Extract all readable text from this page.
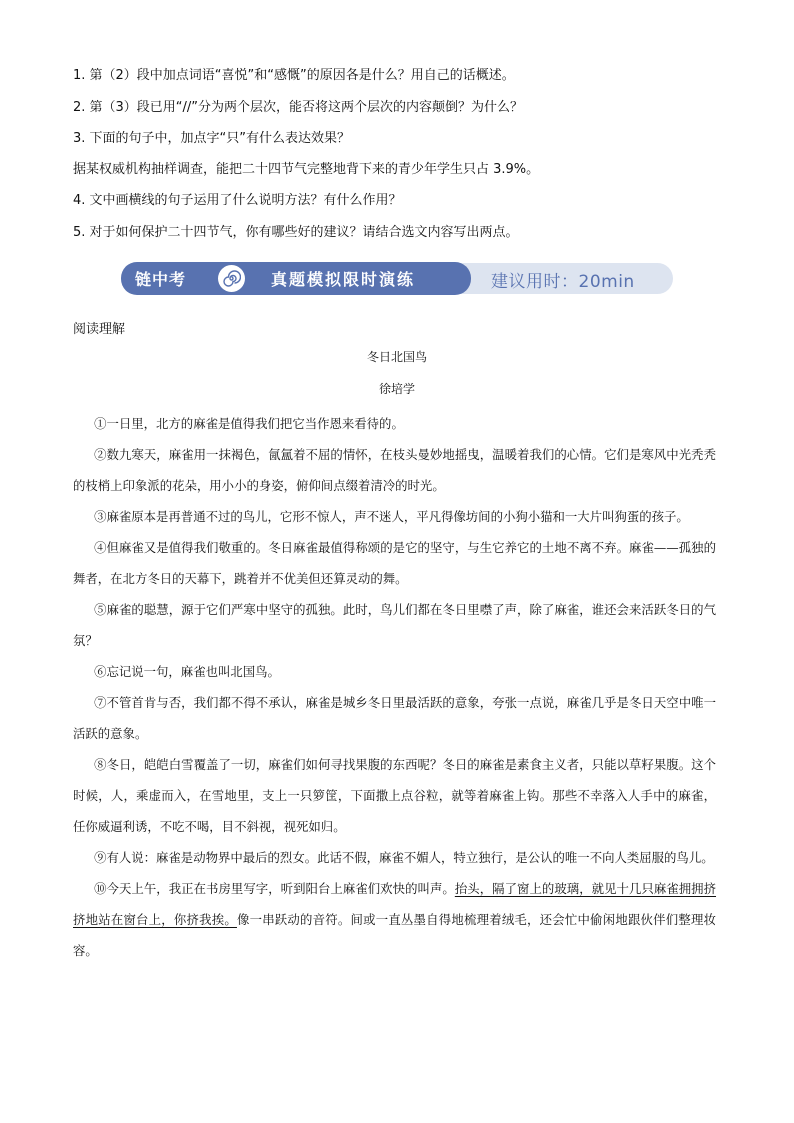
1. 第（2）段中加点词语“喜悦”和“感慨”的原因各是什么？用自己的话概述。
2. 第（3）段已用“//”分为两个层次，能否将这两个层次的内容颠倒？为什么？
3. 下面的句子中，加点字“只”有什么表达效果？
据某权威机构抽样调查，能把二十四节气完整地背下来的青少年学生只占 3.9%。
4. 文中画横线的句子运用了什么说明方法？有什么作用？
5. 对于如何保护二十四节气，你有哪些好的建议？请结合选文内容写出两点。
链中考	真题模拟限时演练	建议用时：20min
阅读理解
冬日北国鸟
徐培学

①一日里，北方的麻雀是值得我们把它当作恩来看待的。

②数九寒天，麻雀用一抹褐色，氤氲着不屈的情怀，在枝头曼妙地摇曳，温暖着我们的心情。它们是寒风中光秃秃的枝梢上印象派的花朵，用小小的身姿，俯仰间点缀着清冷的时光。

③麻雀原本是再普通不过的鸟儿，它形不惊人，声不迷人，平凡得像坊间的小狗小猫和一大片叫狗蛋的孩子。

④但麻雀又是值得我们敬重的。冬日麻雀最值得称颂的是它的坚守，与生它养它的土地不离不弃。麻雀——孤独的舞者，在北方冬日的天幕下，跳着并不优美但还算灵动的舞。

⑤麻雀的聪慧，源于它们严寒中坚守的孤独。此时，鸟儿们都在冬日里噤了声，除了麻雀，谁还会来活跃冬日的气氛？

⑥忘记说一句，麻雀也叫北国鸟。

⑦不管首肯与否，我们都不得不承认，麻雀是城乡冬日里最活跃的意象，夸张一点说，麻雀几乎是冬日天空中唯一活跃的意象。

⑧冬日，皑皑白雪覆盖了一切，麻雀们如何寻找果腹的东西呢？冬日的麻雀是素食主义者，只能以草籽果腹。这个时候，人，乘虚而入，在雪地里，支上一只箩筐，下面撒上点谷粒，就等着麻雀上钩。那些不幸落入人手中的麻雀，任你威逼利诱，不吃不喝，目不斜视，视死如归。

⑨有人说：麻雀是动物界中最后的烈女。此话不假，麻雀不媚人，特立独行，是公认的唯一不向人类屈服的鸟儿。

⑩今天上午，我正在书房里写字，听到阳台上麻雀们欢快的叫声。抬头，隔了窗上的玻璃，就见十几只麻雀拥拥挤挤地站在窗台上，你挤我挨。像一串跃动的音符。间或一直丛墨自得地梳理着绒毛，还会忙中偷闲地跟伙伴们整理妆容。
